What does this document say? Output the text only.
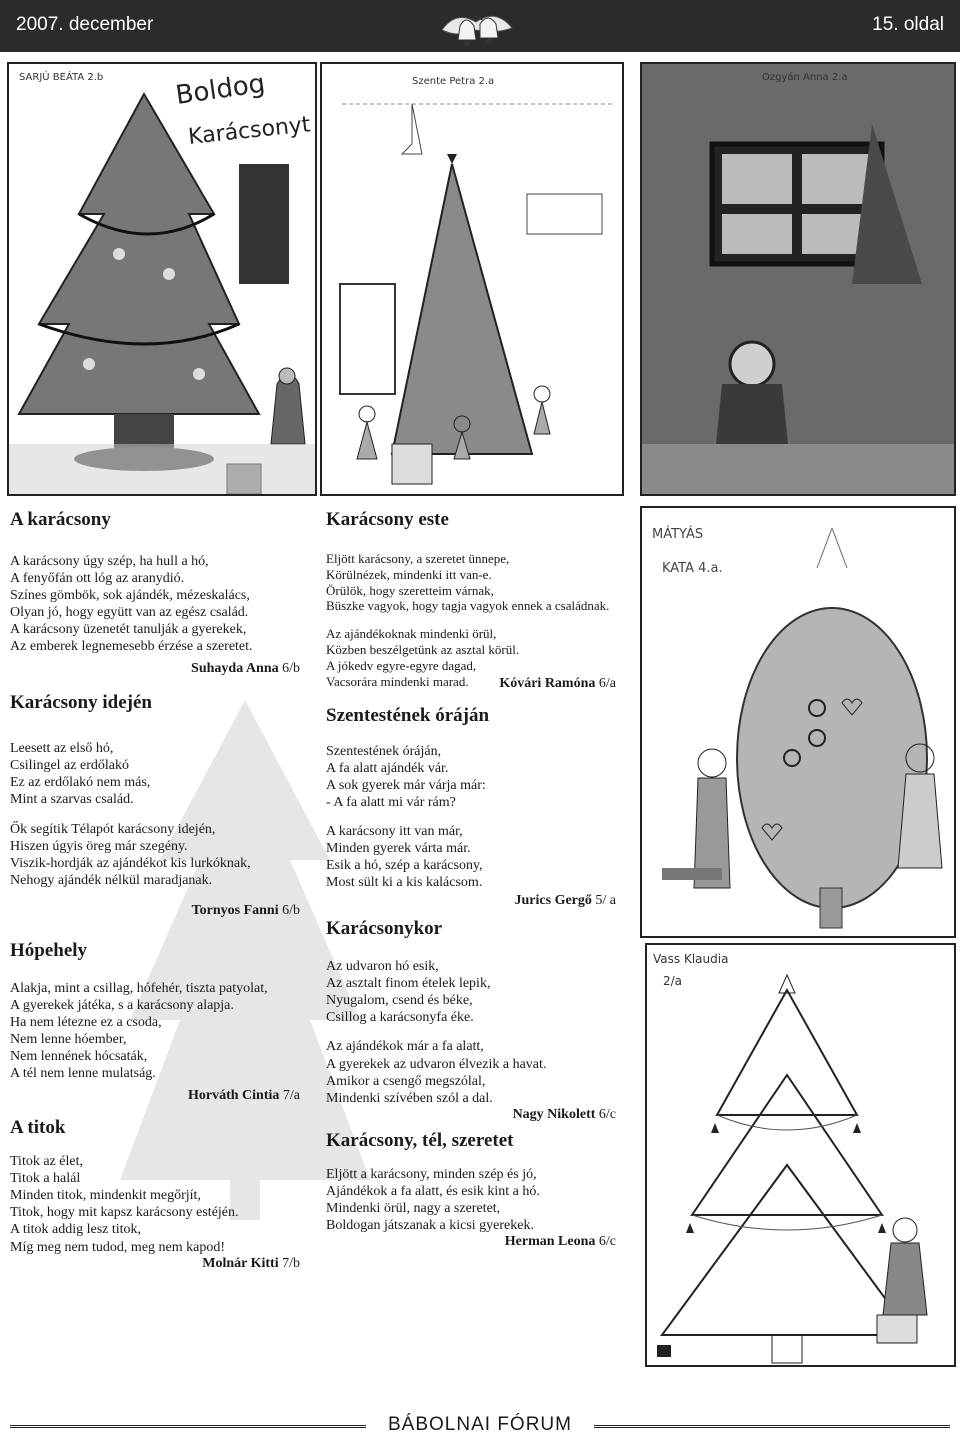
2007. december	15. oldal
SARJÚ BEÁTA 2.b	Boldog
Karácsonyt
Szente Petra 2.a	Ozgyán Anna 2.a
A karácsony

A karácsony úgy szép, ha hull a hó,
A fenyőfán ott lóg az aranydió.
Színes gömbök, sok ajándék, mézeskalács,
Olyan jó, hogy együtt van az egész család.
A karácsony üzenetét tanulják a gyerekek,
Az emberek legnemesebb érzése a szeretet.

Suhayda Anna 6/b
Karácsony idején

Leesett az első hó,
Csilingel az erdőlakó
Ez az erdőlakó nem más,
Mint a szarvas család.

Ők segítik Télapót karácsony idején,
Hiszen úgyis öreg már szegény.
Viszik-hordják az ajándékot kis lurkóknak,
Nehogy ajándék nélkül maradjanak.

Tornyos Fanni 6/b
Hópehely

Alakja, mint a csillag, hófehér, tiszta patyolat,
A gyerekek játéka, s a karácsony alapja.
Ha nem létezne ez a csoda,
Nem lenne hóember,
Nem lennének hócsaták,
A tél nem lenne mulatság.

Horváth Cintia 7/a
A titok

Titok az élet,
Titok a halál
Minden titok, mindenkit megőrjít,
Titok, hogy mit kapsz karácsony estéjén.
A titok addig lesz titok,
Míg meg nem tudod, meg nem kapod!

Molnár Kitti 7/b
Karácsony este

Eljött karácsony, a szeretet ünnepe,
Körülnézek, mindenki itt van-e.
Örülök, hogy szeretteim várnak,
Büszke vagyok, hogy tagja vagyok ennek a családnak.

Az ajándékoknak mindenki örül,
Közben beszélgetünk az asztal körül.
A jókedv egyre-egyre dagad,
Vacsorára mindenki marad.	Kóvári Ramóna 6/a
Szentestének óráján

Szentestének óráján,
A fa alatt ajándék vár.
A sok gyerek már várja már:
- A fa alatt mi vár rám?

A karácsony itt van már,
Minden gyerek várta már.
Esik a hó, szép a karácsony,
Most sült ki a kis kalácsom.

Jurics Gergő 5/ a
Karácsonykor

Az udvaron hó esik,
Az asztalt finom ételek lepik,
Nyugalom, csend és béke,
Csillog a karácsonyfa éke.

Az ajándékok már a fa alatt,
A gyerekek az udvaron élvezik a havat.
Amikor a csengő megszólal,
Mindenki szívében szól a dal.

Nagy Nikolett 6/c
Karácsony, tél, szeretet

Eljött a karácsony, minden szép és jó,
Ajándékok a fa alatt, és esik kint a hó.
Mindenki örül, nagy a szeretet,
Boldogan játszanak a kicsi gyerekek.

Herman Leona 6/c
MÁTYÁS
KATA 4.a.
Vass Klaudia
2/a
BÁBOLNAI FÓRUM
